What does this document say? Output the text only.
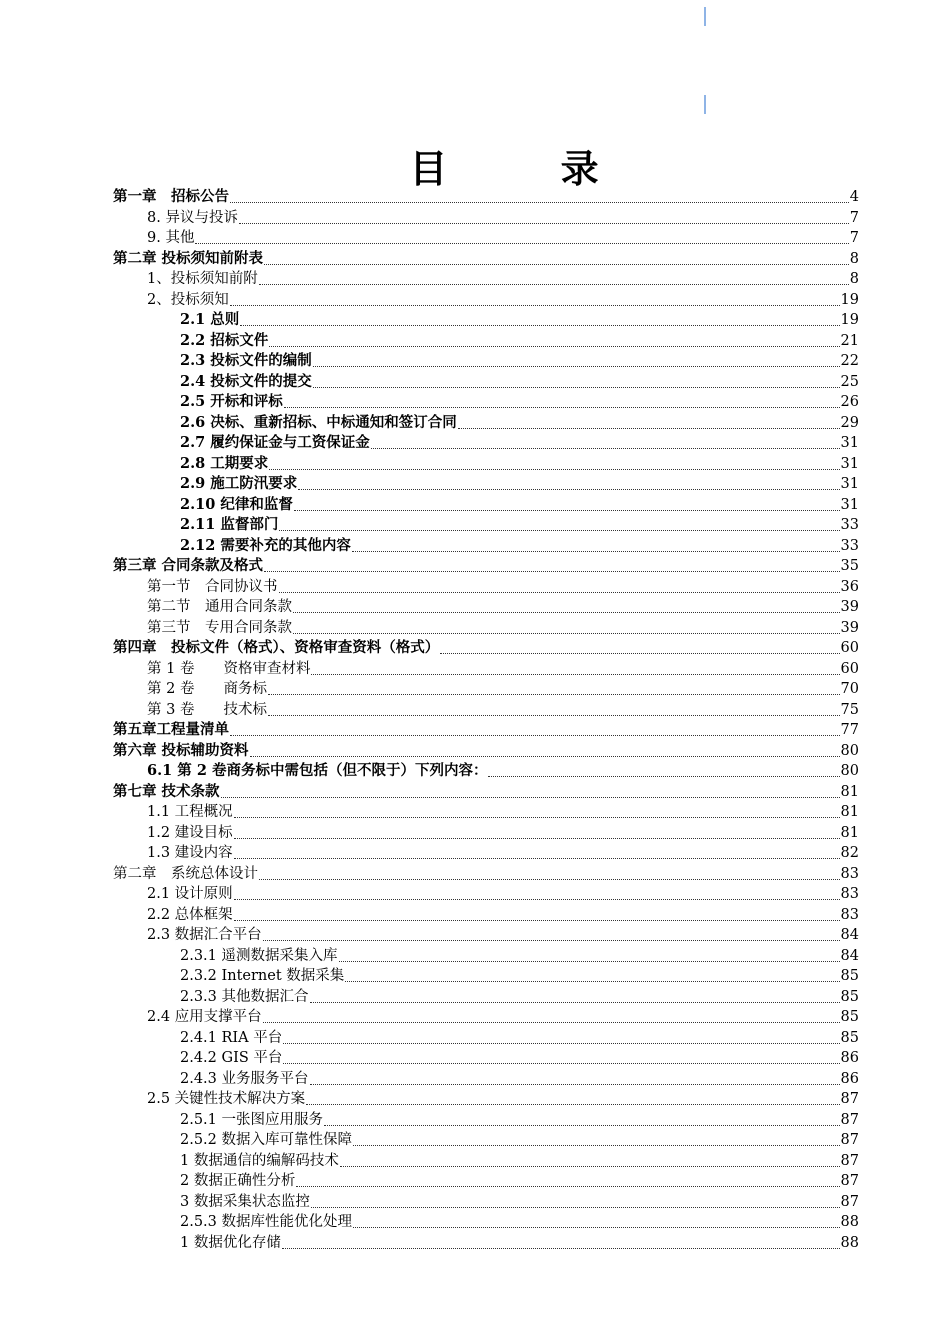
目 录
第一章　招标公告	4
8. 异议与投诉	7
9. 其他	7
第二章 投标须知前附表	8
1、投标须知前附	8
2、投标须知	19
2.1 总则	19
2.2 招标文件	21
2.3 投标文件的编制	22
2.4 投标文件的提交	25
2.5 开标和评标	26
2.6 决标、重新招标、中标通知和签订合同	29
2.7 履约保证金与工资保证金	31
2.8 工期要求	31
2.9 施工防汛要求	31
2.10 纪律和监督	31
2.11 监督部门	33
2.12 需要补充的其他内容	33
第三章 合同条款及格式	35
第一节　合同协议书	36
第二节　通用合同条款	39
第三节　专用合同条款	39
第四章　投标文件（格式）、资格审查资料（格式）	60
第 1 卷　　资格审查材料	60
第 2 卷　　商务标	70
第 3 卷　　技术标	75
第五章工程量清单	77
第六章 投标辅助资料	80
6.1 第 2 卷商务标中需包括（但不限于）下列内容：	80
第七章 技术条款	81
1.1 工程概况	81
1.2 建设目标	81
1.3 建设内容	82
第二章　系统总体设计	83
2.1 设计原则	83
2.2 总体框架	83
2.3 数据汇合平台	84
2.3.1 遥测数据采集入库	84
2.3.2 Internet 数据采集	85
2.3.3 其他数据汇合	85
2.4 应用支撑平台	85
2.4.1 RIA 平台	85
2.4.2 GIS 平台	86
2.4.3 业务服务平台	86
2.5 关键性技术解决方案	87
2.5.1 一张图应用服务	87
2.5.2 数据入库可靠性保障	87
1 数据通信的编解码技术	87
2 数据正确性分析	87
3 数据采集状态监控	87
2.5.3 数据库性能优化处理	88
1 数据优化存储	88
